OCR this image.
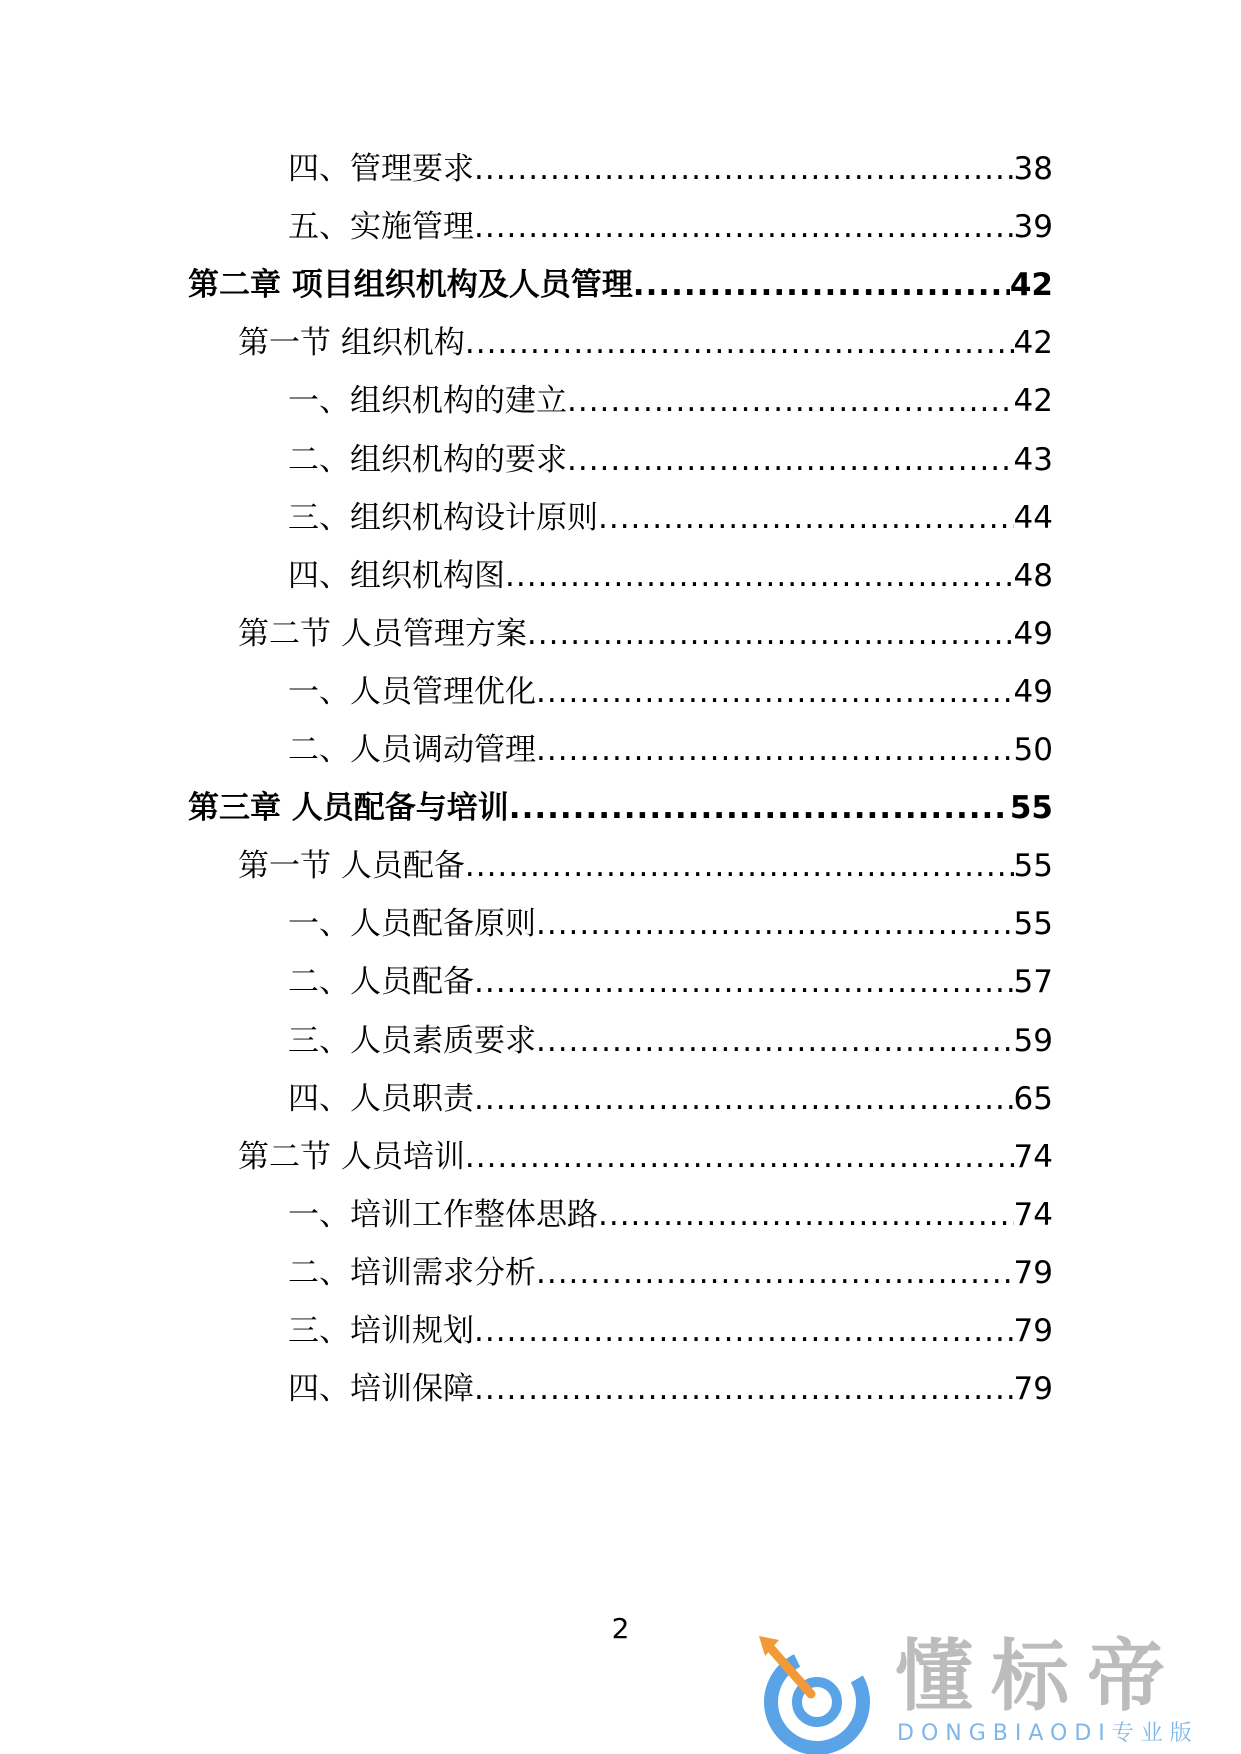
四、管理要求 .....	38
五、实施管理 .....	39
第二章 项目组织机构及人员管理 .....	42
第一节 组织机构 .....	42
一、组织机构的建立 .....	42
二、组织机构的要求 .....	43
三、组织机构设计原则 .....	44
四、组织机构图 .....	48
第二节 人员管理方案 .....	49
一、人员管理优化 .....	49
二、人员调动管理 .....	50
第三章 人员配备与培训 .....	55
第一节 人员配备 .....	55
一、人员配备原则 .....	55
二、人员配备 .....	57
三、人员素质要求 .....	59
四、人员职责 .....	65
第二节 人员培训 .....	74
一、培训工作整体思路 .....	74
二、培训需求分析 .....	79
三、培训规划 .....	79
四、培训保障 .....	79
2
懂标帝
DONGBIAODI专业版
